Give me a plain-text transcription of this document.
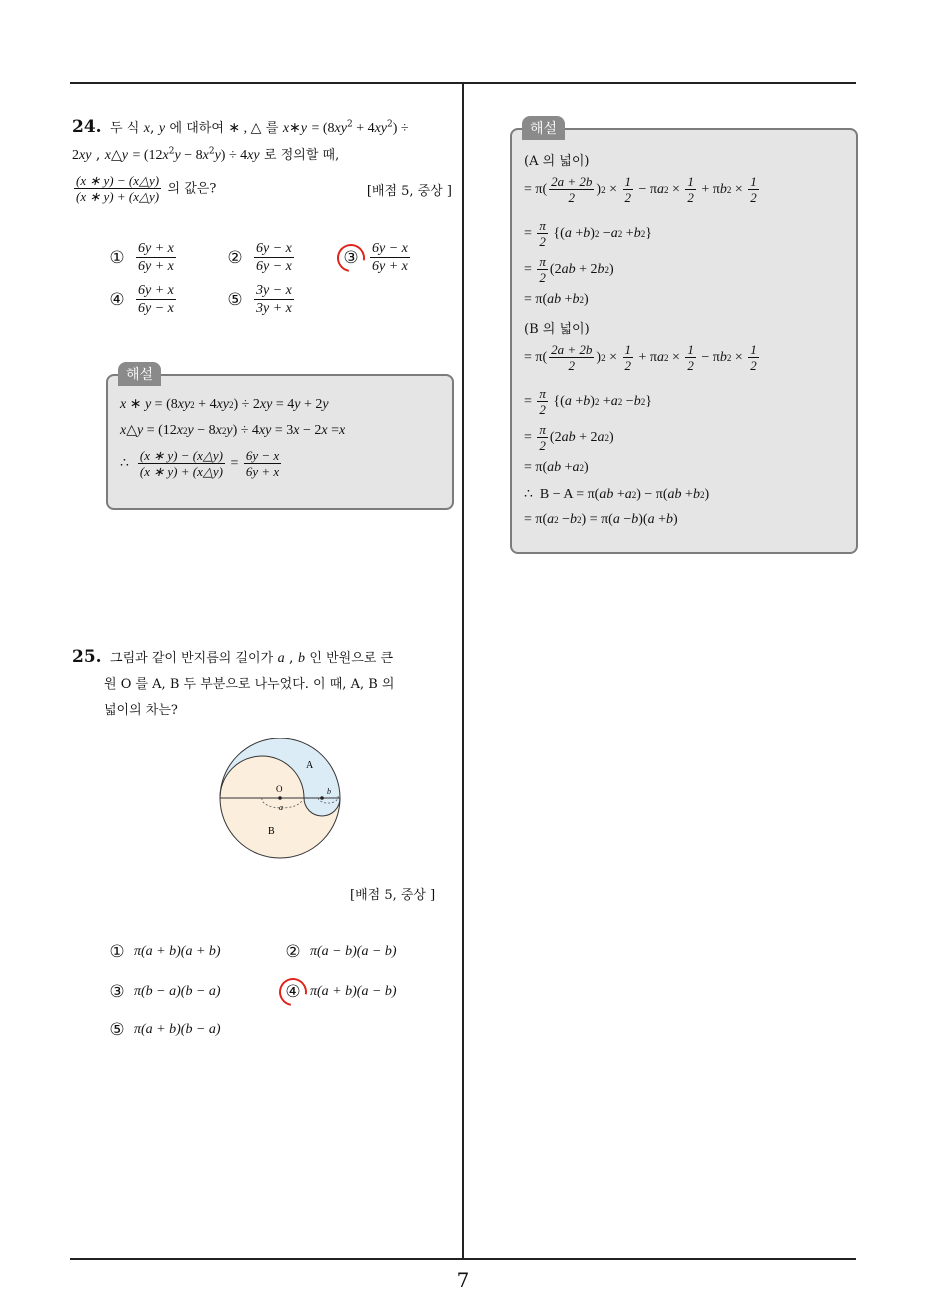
24. 두 식 x, y 에 대하여 ∗ , △ 를 x∗y = $(8xy^2 + 4xy^2)$ ÷
2xy , x△y = $(12x^2y - 8x^2y) \div 4xy$ 로 정의할 때,
$\frac{(x ∗ y) - (x\triangle y)}{(x ∗ y) + (x\triangle y)}$ 의 값은?	[배점 5, 중상 ]
① $\frac{6y + x}{6y + x}$	② $\frac{6y - x}{6y - x}$	③ $\frac{6y - x}{6y + x}$
④ $\frac{6y + x}{6y - x}$	⑤ $\frac{3y - x}{3y + x}$
해설
x ∗ y = (8 xy 2 + 4 xy 2 ) ÷ 2 xy = 4 y + 2 y
x △ y = (12 x 2 y − 8 x 2 y ) ÷ 4 xy = 3 x − 2 x = x
∴ $\frac{(x ∗ y) - (x\triangle y)}{(x ∗ y) + (x\triangle y)} = \frac{6y - x}{6y + x}$
25. 그림과 같이 반지름의 길이가 a , b 인 반원으로 큰
원 O 를 A, B 두 부분으로 나누었다. 이 때, A, B 의
넓이의 차는?
O
A
B
a
b
[배점 5, 중상 ]
① π(a + b)(a + b)	② π(a − b)(a − b)
③ π(b − a)(b − a)	④ π(a + b)(a − b)
⑤ π(a + b)(b − a)
해설
(A 의 넓이)
= $\pi( \frac{2a + 2b}{2}$ ) $2 \times \frac{1}{2} - \pi$ a $2 \times \frac{1}{2} + \pi$ b $2 \times \frac{1}{2}$
= $\frac{\pi}{2}$ {( a + b ) 2 − a 2 + b 2 }
= $\frac{\pi}{2} (2$ ab + 2 b 2 )
= π( ab + b 2 )
(B 의 넓이)
= $\pi( \frac{2a + 2b}{2}$ ) $2 \times \frac{1}{2} + \pi$ a $2 \times \frac{1}{2} - \pi$ b $2 \times \frac{1}{2}$
= $\frac{\pi}{2}$ {( a + b ) 2 + a 2 − b 2 }
= $\frac{\pi}{2} (2$ ab + 2 a 2 )
= π( ab + a 2 )
∴  B − A = π( ab + a 2 ) − π( ab + b 2 )
= π( a 2 − b 2 ) = π( a − b )( a + b )
7
